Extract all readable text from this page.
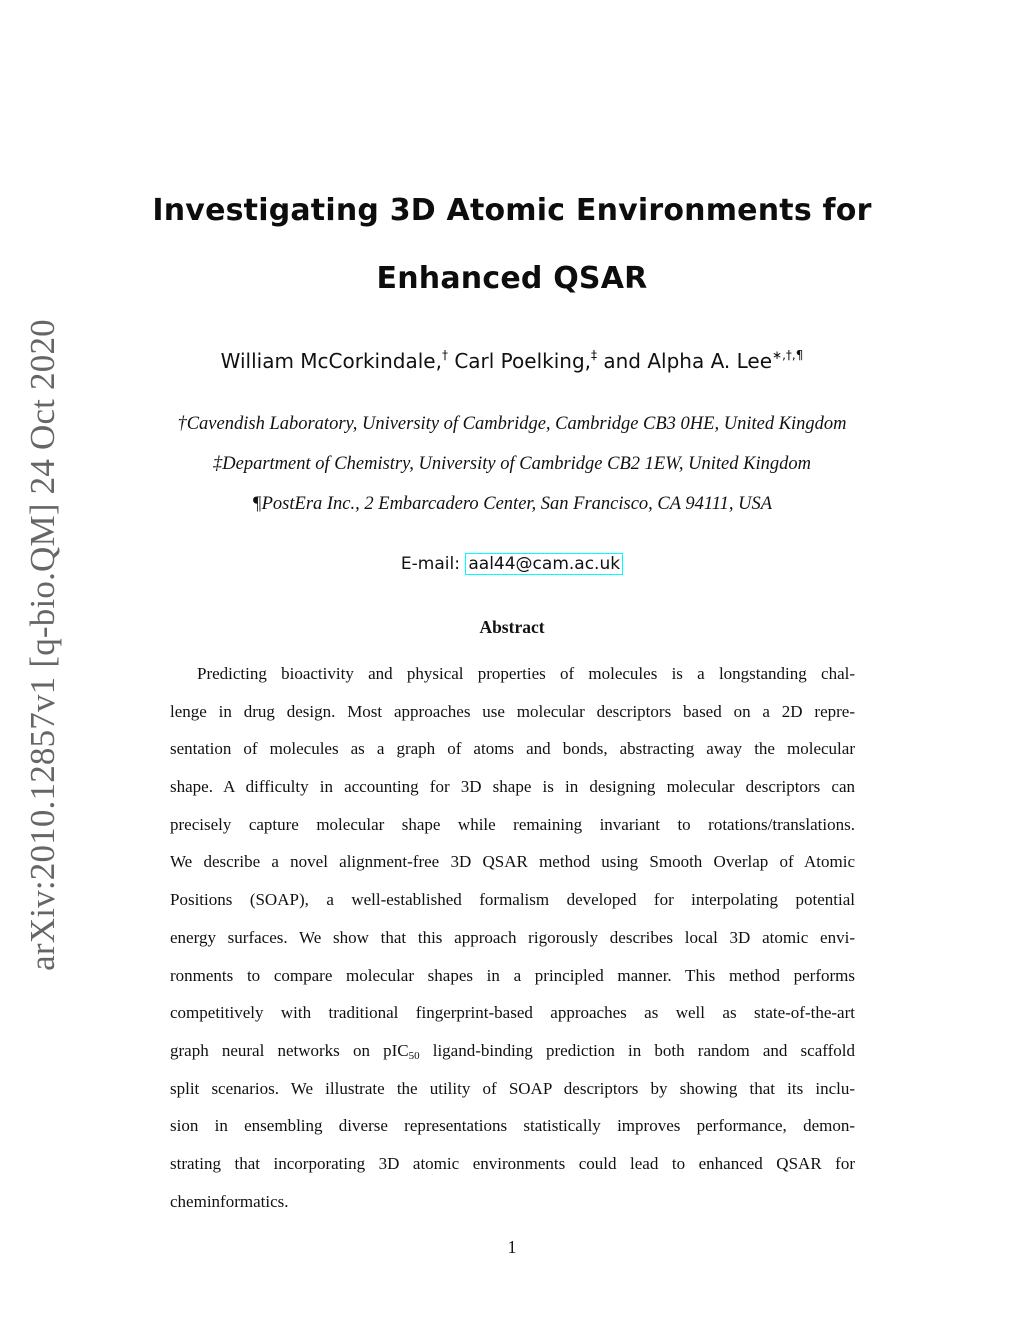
arXiv:2010.12857v1 [q-bio.QM] 24 Oct 2020
Investigating 3D Atomic Environments for
Enhanced QSAR
William McCorkindale,† Carl Poelking,‡ and Alpha A. Lee∗,†,¶
†Cavendish Laboratory, University of Cambridge, Cambridge CB3 0HE, United Kingdom
‡Department of Chemistry, University of Cambridge CB2 1EW, United Kingdom
¶PostEra Inc., 2 Embarcadero Center, San Francisco, CA 94111, USA
E-mail: aal44@cam.ac.uk
Abstract
Predicting bioactivity and physical properties of molecules is a longstanding chal-
lenge in drug design. Most approaches use molecular descriptors based on a 2D repre-
sentation of molecules as a graph of atoms and bonds, abstracting away the molecular
shape. A difficulty in accounting for 3D shape is in designing molecular descriptors can
precisely capture molecular shape while remaining invariant to rotations/translations.
We describe a novel alignment-free 3D QSAR method using Smooth Overlap of Atomic
Positions (SOAP), a well-established formalism developed for interpolating potential
energy surfaces. We show that this approach rigorously describes local 3D atomic envi-
ronments to compare molecular shapes in a principled manner. This method performs
competitively with traditional fingerprint-based approaches as well as state-of-the-art
graph neural networks on pIC$_{50}$ ligand-binding prediction in both random and scaffold
split scenarios. We illustrate the utility of SOAP descriptors by showing that its inclu-
sion in ensembling diverse representations statistically improves performance, demon-
strating that incorporating 3D atomic environments could lead to enhanced QSAR for
cheminformatics.
1
